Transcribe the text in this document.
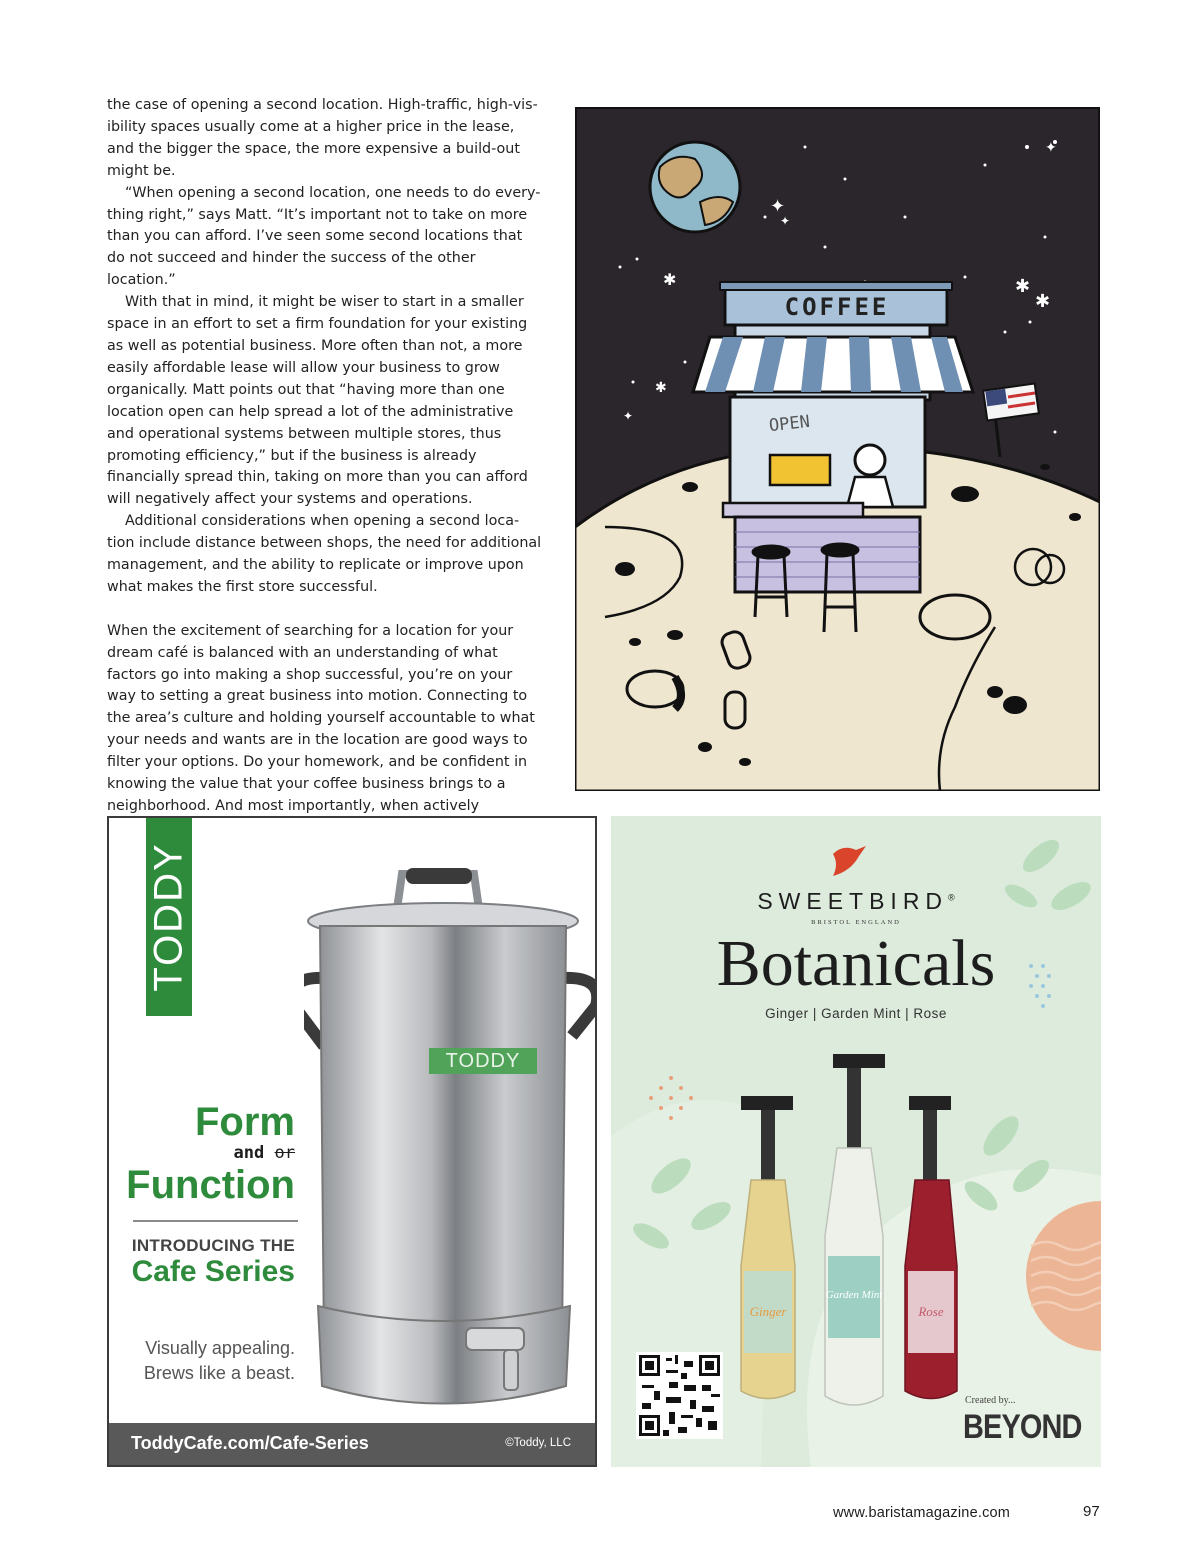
the case of opening a second location. High-traffic, high-vis-ibility spaces usually come at a higher price in the lease, and the bigger the space, the more expensive a build-out might be.

“When opening a second location, one needs to do every-thing right,” says Matt. “It’s important not to take on more than you can afford. I’ve seen some second locations that do not succeed and hinder the success of the other location.”

With that in mind, it might be wiser to start in a smaller space in an effort to set a firm foundation for your existing as well as potential business. More often than not, a more easily affordable lease will allow your business to grow organically. Matt points out that “having more than one location open can help spread a lot of the administrative and operational systems between multiple stores, thus promoting efficiency,” but if the business is already financially spread thin, taking on more than you can afford will negatively affect your systems and operations.

Additional considerations when opening a second loca-tion include distance between shops, the need for additional management, and the ability to replicate or improve upon what makes the first store successful.

When the excitement of searching for a location for your dream café is balanced with an understanding of what factors go into making a shop successful, you’re on your way to setting a great business into motion. Connecting to the area’s culture and holding yourself accountable to what your needs and wants are in the location are good ways to filter your options. Do your homework, and be confident in knowing the value that your coffee business brings to a neighborhood. And most importantly, when actively

✦
✦
✱	✱
✱
✱
✦
✦
COFFEE
OPEN
TODDY
TODDY
Form
and or
Function
INTRODUCING THE
Cafe Series
Visually appealing.
Brews like a beast.
ToddyCafe.com/Cafe-Series	©Toddy, LLC
Ginger
Garden Mint
Rose
SWEETBIRD®
BRISTOL ENGLAND
Botanicals
Ginger | Garden Mint | Rose
Created by...
BEYOND
www.baristamagazine.com	97
